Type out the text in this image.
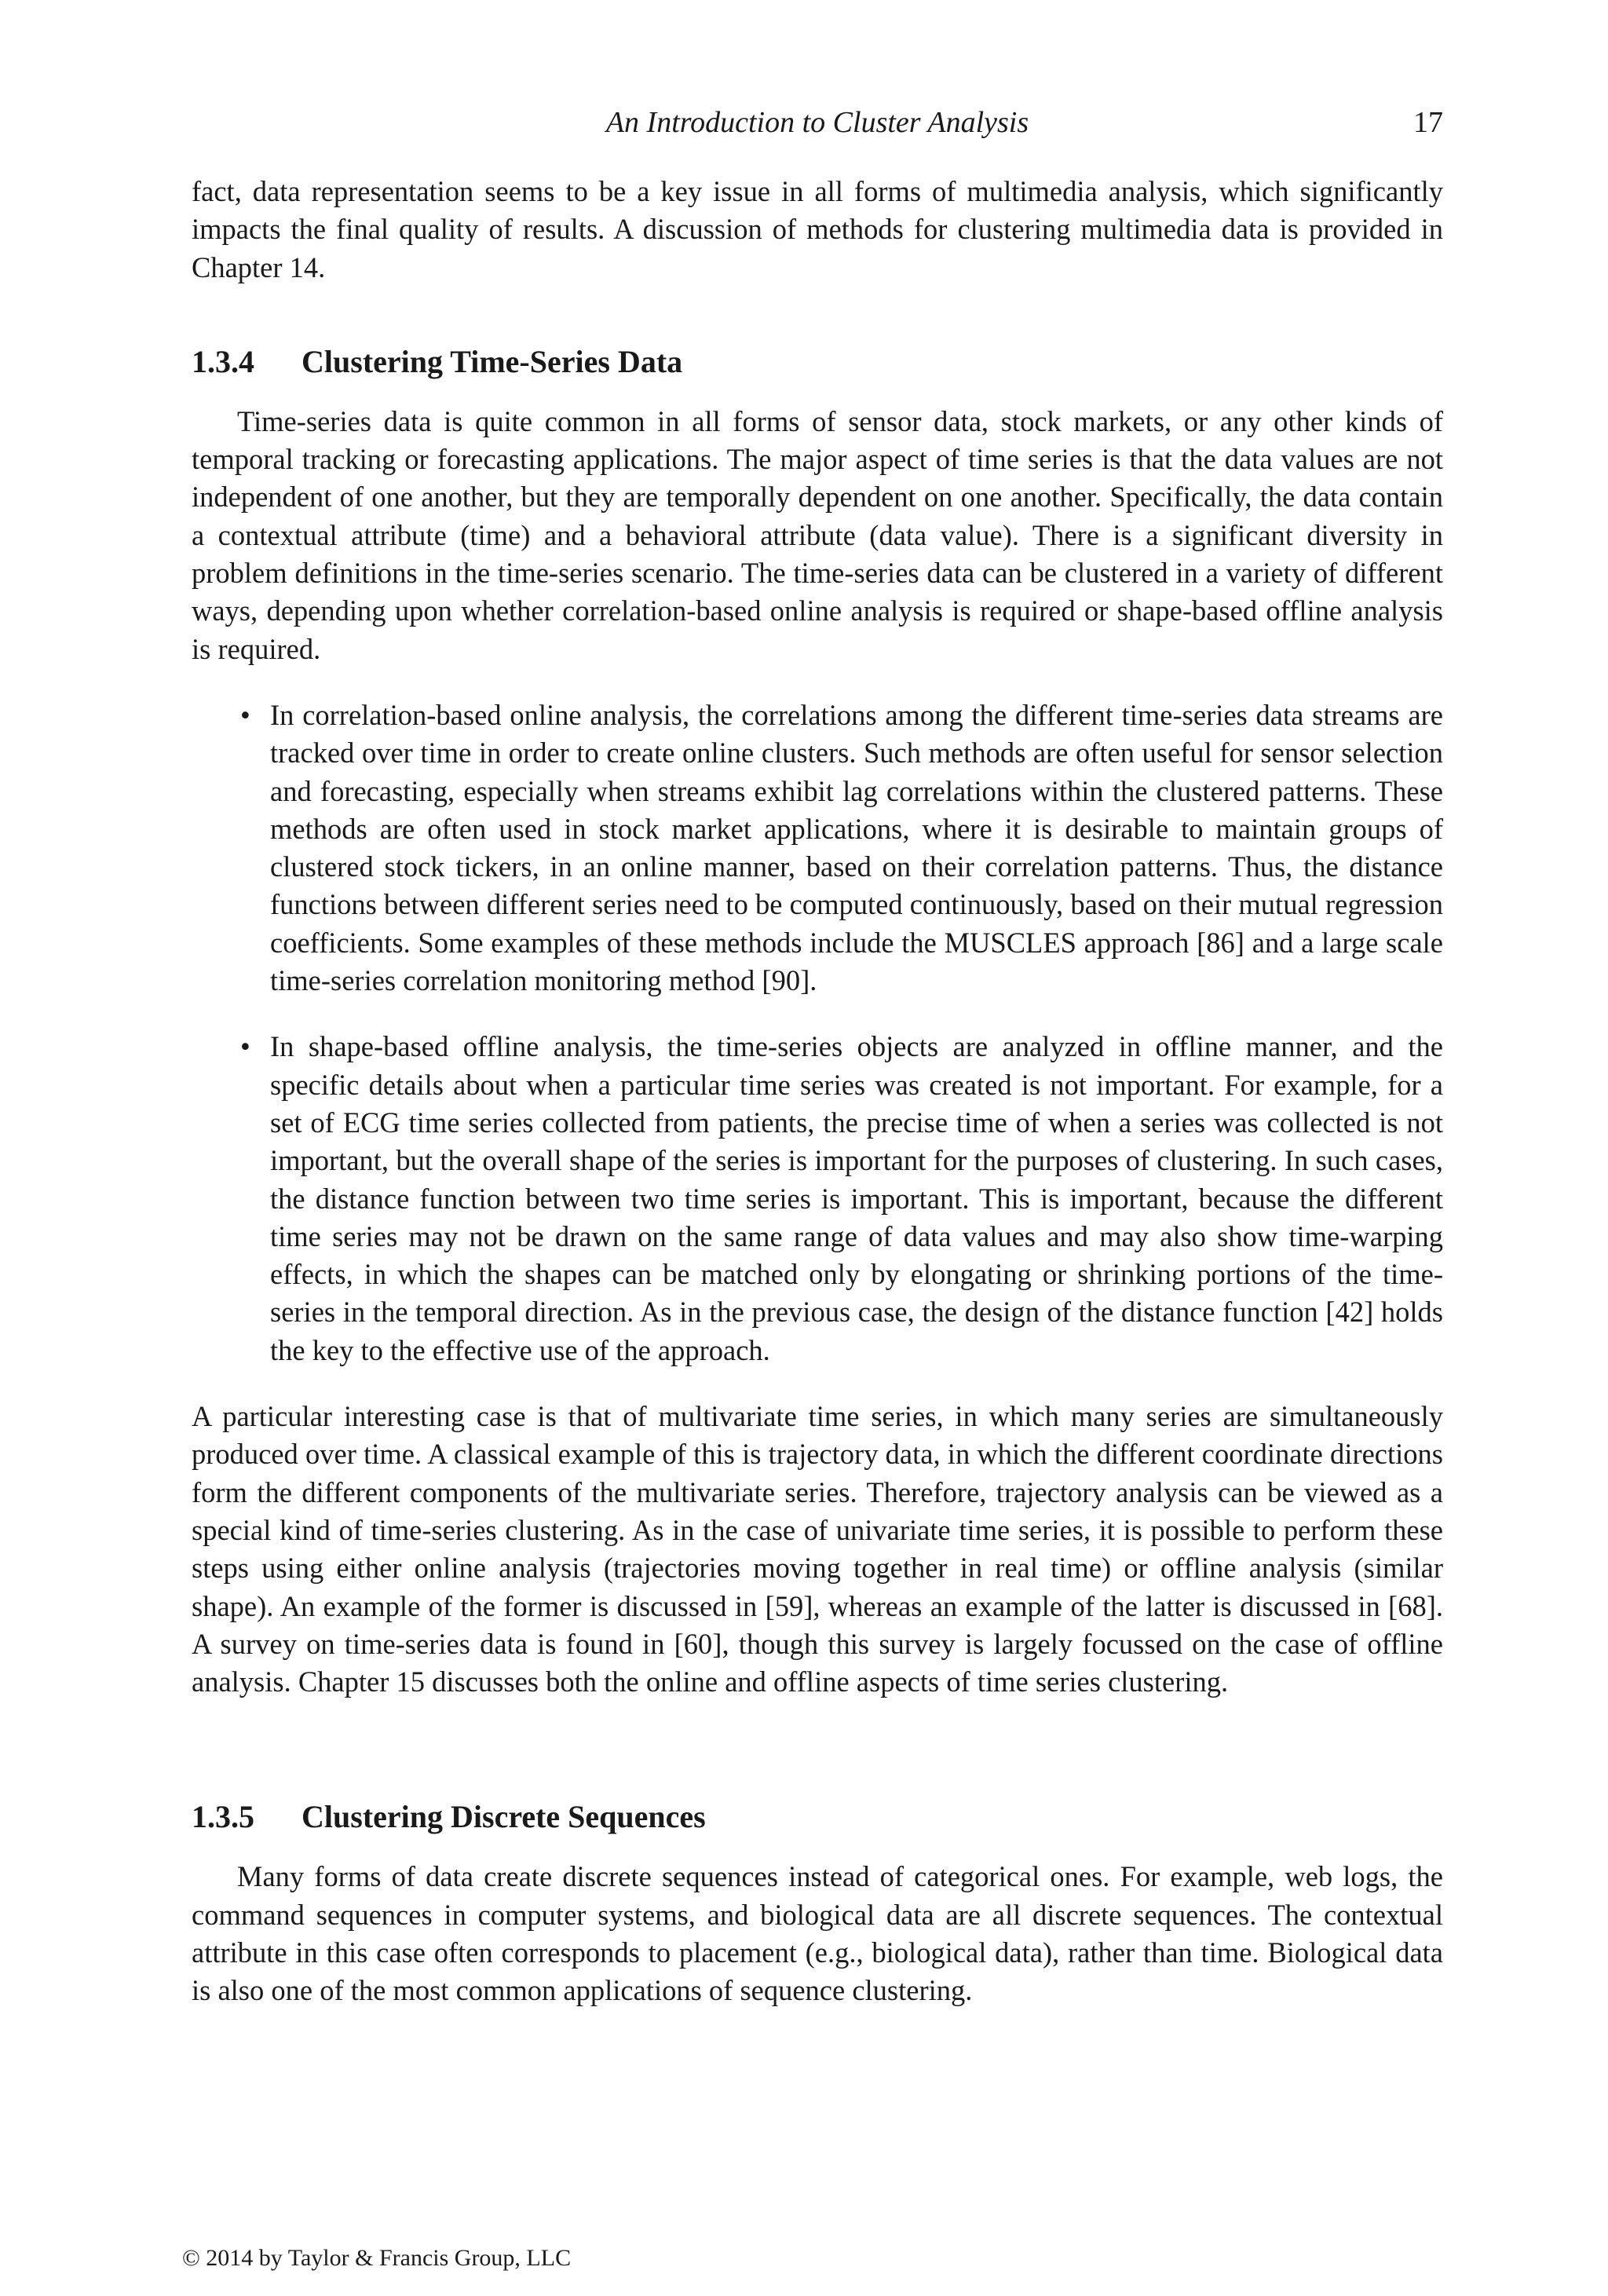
An Introduction to Cluster Analysis	17

fact, data representation seems to be a key issue in all forms of multimedia analysis, which significantly impacts the final quality of results. A discussion of methods for clustering multimedia data is provided in Chapter 14.

1.3.4 Clustering Time-Series Data

Time-series data is quite common in all forms of sensor data, stock markets, or any other kinds of temporal tracking or forecasting applications. The major aspect of time series is that the data values are not independent of one another, but they are temporally dependent on one another. Specifically, the data contain a contextual attribute (time) and a behavioral attribute (data value). There is a significant diversity in problem definitions in the time-series scenario. The time-series data can be clustered in a variety of different ways, depending upon whether correlation-based online analysis is required or shape-based offline analysis is required.

• In correlation-based online analysis, the correlations among the different time-series data streams are tracked over time in order to create online clusters. Such methods are often useful for sensor selection and forecasting, especially when streams exhibit lag correlations within the clustered patterns. These methods are often used in stock market applications, where it is desirable to maintain groups of clustered stock tickers, in an online manner, based on their correlation patterns. Thus, the distance functions between different series need to be computed continuously, based on their mutual regression coefficients. Some examples of these methods include the MUSCLES approach [86] and a large scale time-series correlation monitoring method [90].
• In shape-based offline analysis, the time-series objects are analyzed in offline manner, and the specific details about when a particular time series was created is not important. For example, for a set of ECG time series collected from patients, the precise time of when a series was collected is not important, but the overall shape of the series is important for the purposes of clustering. In such cases, the distance function between two time series is important. This is important, because the different time series may not be drawn on the same range of data values and may also show time-warping effects, in which the shapes can be matched only by elongating or shrinking portions of the time-series in the temporal direction. As in the previous case, the design of the distance function [42] holds the key to the effective use of the approach.

A particular interesting case is that of multivariate time series, in which many series are simultaneously produced over time. A classical example of this is trajectory data, in which the different coordinate directions form the different components of the multivariate series. Therefore, trajectory analysis can be viewed as a special kind of time-series clustering. As in the case of univariate time series, it is possible to perform these steps using either online analysis (trajectories moving together in real time) or offline analysis (similar shape). An example of the former is discussed in [59], whereas an example of the latter is discussed in [68]. A survey on time-series data is found in [60], though this survey is largely focussed on the case of offline analysis. Chapter 15 discusses both the online and offline aspects of time series clustering.

1.3.5 Clustering Discrete Sequences

Many forms of data create discrete sequences instead of categorical ones. For example, web logs, the command sequences in computer systems, and biological data are all discrete sequences. The contextual attribute in this case often corresponds to placement (e.g., biological data), rather than time. Biological data is also one of the most common applications of sequence clustering.

© 2014 by Taylor & Francis Group, LLC
